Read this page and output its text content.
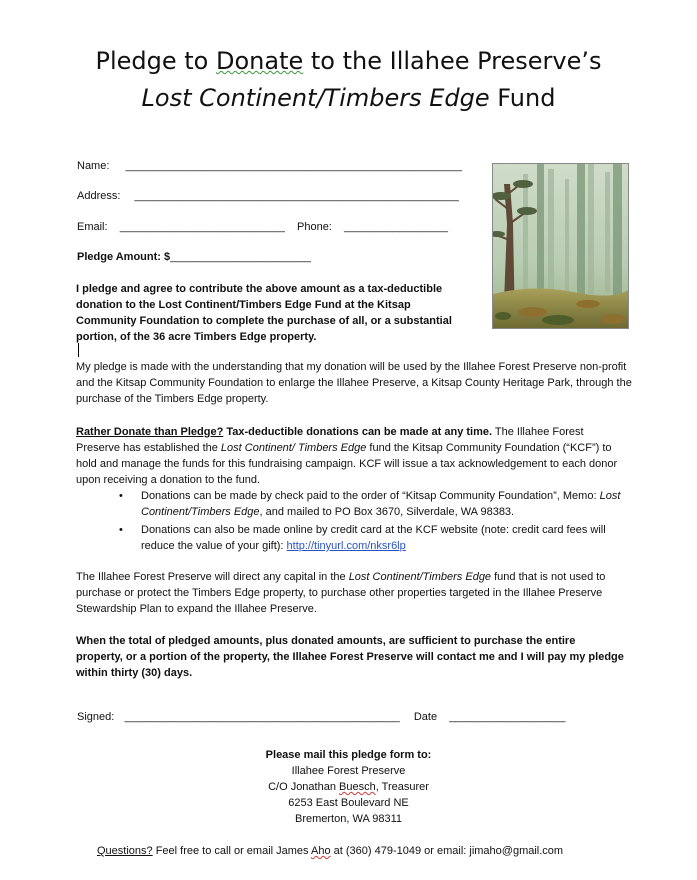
Pledge to Donate to the Illahee Preserve’s
Lost Continent/Timbers Edge Fund
Name: _______________________________________________________
Address: _____________________________________________________
Email: ___________________________ Phone: _________________
Pledge Amount: $_______________________
I pledge and agree to contribute the above amount as a tax-deductible donation to the Lost Continent/Timbers Edge Fund at the Kitsap Community Foundation to complete the purchase of all, or a substantial portion, of the 36 acre Timbers Edge property.
My pledge is made with the understanding that my donation will be used by the Illahee Forest Preserve non-profit and the Kitsap Community Foundation to enlarge the Illahee Preserve, a Kitsap County Heritage Park, through the purchase of the Timbers Edge property.
Rather Donate than Pledge? Tax-deductible donations can be made at any time. The Illahee Forest Preserve has established the Lost Continent/ Timbers Edge fund the Kitsap Community Foundation (“KCF”) to hold and manage the funds for this fundraising campaign. KCF will issue a tax acknowledgement to each donor upon receiving a donation to the fund.
•	Donations can be made by check paid to the order of “Kitsap Community Foundation”, Memo: Lost Continent/Timbers Edge, and mailed to PO Box 3670, Silverdale, WA 98383.
•	Donations can also be made online by credit card at the KCF website (note: credit card fees will reduce the value of your gift): http://tinyurl.com/nksr6lp
The Illahee Forest Preserve will direct any capital in the Lost Continent/Timbers Edge fund that is not used to purchase or protect the Timbers Edge property, to purchase other properties targeted in the Illahee Preserve Stewardship Plan to expand the Illahee Preserve.
When the total of pledged amounts, plus donated amounts, are sufficient to purchase the entire property, or a portion of the property, the Illahee Forest Preserve will contact me and I will pay my pledge within thirty (30) days.
Signed: _____________________________________________ Date ___________________
Please mail this pledge form to:
Illahee Forest Preserve
C/O Jonathan Buesch, Treasurer
6253 East Boulevard NE
Bremerton, WA 98311
Questions? Feel free to call or email James Aho at (360) 479-1049 or email: jimaho@gmail.com
